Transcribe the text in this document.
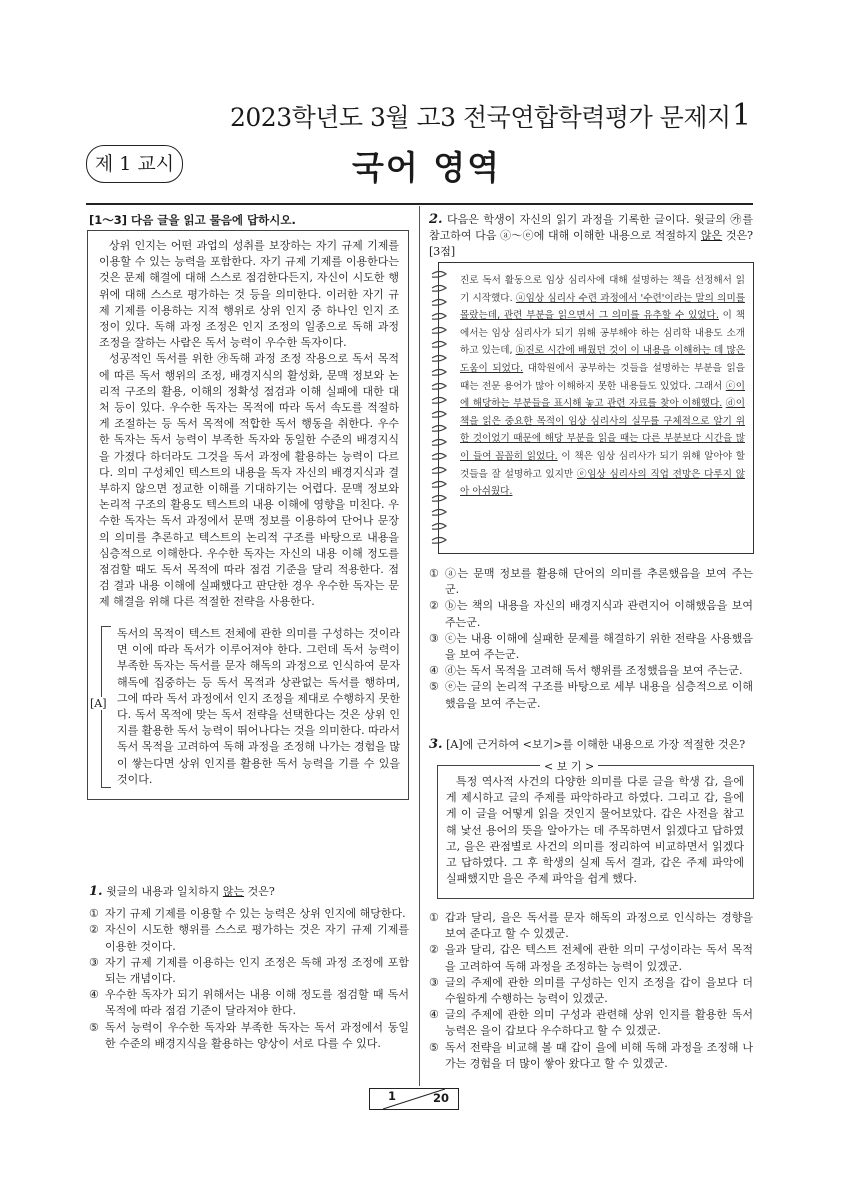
2023학년도 3월 고3 전국연합학력평가 문제지 1
제 1 교시	국어 영역
[1～3] 다음 글을 읽고 물음에 답하시오.

상위 인지는 어떤 과업의 성취를 보장하는 자기 규제 기제를 이용할 수 있는 능력을 포함한다. 자기 규제 기제를 이용한다는 것은 문제 해결에 대해 스스로 점검한다든지, 자신이 시도한 행위에 대해 스스로 평가하는 것 등을 의미한다. 이러한 자기 규제 기제를 이용하는 지적 행위로 상위 인지 중 하나인 인지 조정이 있다. 독해 과정 조정은 인지 조정의 일종으로 독해 과정 조정을 잘하는 사람은 독서 능력이 우수한 독자이다.

성공적인 독서를 위한 ㉮독해 과정 조정 작용으로 독서 목적에 따른 독서 행위의 조정, 배경지식의 활성화, 문맥 정보와 논리적 구조의 활용, 이해의 정확성 점검과 이해 실패에 대한 대처 등이 있다. 우수한 독자는 목적에 따라 독서 속도를 적절하게 조절하는 등 독서 목적에 적합한 독서 행동을 취한다. 우수한 독자는 독서 능력이 부족한 독자와 동일한 수준의 배경지식을 가졌다 하더라도 그것을 독서 과정에 활용하는 능력이 다르다. 의미 구성체인 텍스트의 내용을 독자 자신의 배경지식과 결부하지 않으면 정교한 이해를 기대하기는 어렵다. 문맥 정보와 논리적 구조의 활용도 텍스트의 내용 이해에 영향을 미친다. 우수한 독자는 독서 과정에서 문맥 정보를 이용하여 단어나 문장의 의미를 추론하고 텍스트의 논리적 구조를 바탕으로 내용을 심층적으로 이해한다. 우수한 독자는 자신의 내용 이해 정도를 점검할 때도 독서 목적에 따라 점검 기준을 달리 적용한다. 점검 결과 내용 이해에 실패했다고 판단한 경우 우수한 독자는 문제 해결을 위해 다른 적절한 전략을 사용한다.

[A]
독서의 목적이 텍스트 전체에 관한 의미를 구성하는 것이라면 이에 따라 독서가 이루어져야 한다. 그런데 독서 능력이 부족한 독자는 독서를 문자 해독의 과정으로 인식하여 문자 해독에 집중하는 등 독서 목적과 상관없는 독서를 행하며, 그에 따라 독서 과정에서 인지 조정을 제대로 수행하지 못한다. 독서 목적에 맞는 독서 전략을 선택한다는 것은 상위 인지를 활용한 독서 능력이 뛰어나다는 것을 의미한다. 따라서 독서 목적을 고려하여 독해 과정을 조정해 나가는 경험을 많이 쌓는다면 상위 인지를 활용한 독서 능력을 기를 수 있을 것이다.
1. 윗글의 내용과 일치하지 않는 것은?
① 자기 규제 기제를 이용할 수 있는 능력은 상위 인지에 해당한다.
② 자신이 시도한 행위를 스스로 평가하는 것은 자기 규제 기제를 이용한 것이다.
③ 자기 규제 기제를 이용하는 인지 조정은 독해 과정 조정에 포함되는 개념이다.
④ 우수한 독자가 되기 위해서는 내용 이해 정도를 점검할 때 독서 목적에 따라 점검 기준이 달라져야 한다.
⑤ 독서 능력이 우수한 독자와 부족한 독자는 독서 과정에서 동일한 수준의 배경지식을 활용하는 양상이 서로 다를 수 있다.
2. 다음은 학생이 자신의 읽기 과정을 기록한 글이다. 윗글의 ㉮를 참고하여 다음 ⓐ～ⓔ에 대해 이해한 내용으로 적절하지 않은 것은? [3점]
진로 독서 활동으로 임상 심리사에 대해 설명하는 책을 선정해서 읽기 시작했다. ⓐ임상 심리사 수련 과정에서 '수련'이라는 말의 의미를 몰랐는데, 관련 부분을 읽으면서 그 의미를 유추할 수 있었다. 이 책에서는 임상 심리사가 되기 위해 공부해야 하는 심리학 내용도 소개하고 있는데, ⓑ진로 시간에 배웠던 것이 이 내용을 이해하는 데 많은 도움이 되었다. 대학원에서 공부하는 것들을 설명하는 부분을 읽을 때는 전문 용어가 많아 이해하지 못한 내용들도 있었다. 그래서 ⓒ이에 해당하는 부분들을 표시해 놓고 관련 자료를 찾아 이해했다. ⓓ이 책을 읽은 중요한 목적이 임상 심리사의 실무를 구체적으로 알기 위한 것이었기 때문에 해당 부분을 읽을 때는 다른 부분보다 시간을 많이 들여 꼼꼼히 읽었다. 이 책은 임상 심리사가 되기 위해 알아야 할 것들을 잘 설명하고 있지만 ⓔ임상 심리사의 직업 전망은 다루지 않아 아쉬웠다.
① ⓐ는 문맥 정보를 활용해 단어의 의미를 추론했음을 보여 주는군.
② ⓑ는 책의 내용을 자신의 배경지식과 관련지어 이해했음을 보여 주는군.
③ ⓒ는 내용 이해에 실패한 문제를 해결하기 위한 전략을 사용했음을 보여 주는군.
④ ⓓ는 독서 목적을 고려해 독서 행위를 조정했음을 보여 주는군.
⑤ ⓔ는 글의 논리적 구조를 바탕으로 세부 내용을 심층적으로 이해했음을 보여 주는군.
3. [A]에 근거하여 <보기>를 이해한 내용으로 가장 적절한 것은?
< 보 기 >

특정 역사적 사건의 다양한 의미를 다룬 글을 학생 갑, 을에게 제시하고 글의 주제를 파악하라고 하였다. 그리고 갑, 을에게 이 글을 어떻게 읽을 것인지 물어보았다. 갑은 사전을 참고해 낯선 용어의 뜻을 알아가는 데 주목하면서 읽겠다고 답하였고, 을은 관점별로 사건의 의미를 정리하여 비교하면서 읽겠다고 답하였다. 그 후 학생의 실제 독서 결과, 갑은 주제 파악에 실패했지만 을은 주제 파악을 쉽게 했다.

① 갑과 달리, 을은 독서를 문자 해독의 과정으로 인식하는 경향을 보여 준다고 할 수 있겠군.
② 을과 달리, 갑은 텍스트 전체에 관한 의미 구성이라는 독서 목적을 고려하여 독해 과정을 조정하는 능력이 있겠군.
③ 글의 주제에 관한 의미를 구성하는 인지 조정을 갑이 을보다 더 수월하게 수행하는 능력이 있겠군.
④ 글의 주제에 관한 의미 구성과 관련해 상위 인지를 활용한 독서 능력은 을이 갑보다 우수하다고 할 수 있겠군.
⑤ 독서 전략을 비교해 볼 때 갑이 을에 비해 독해 과정을 조정해 나가는 경험을 더 많이 쌓아 왔다고 할 수 있겠군.
1	20
